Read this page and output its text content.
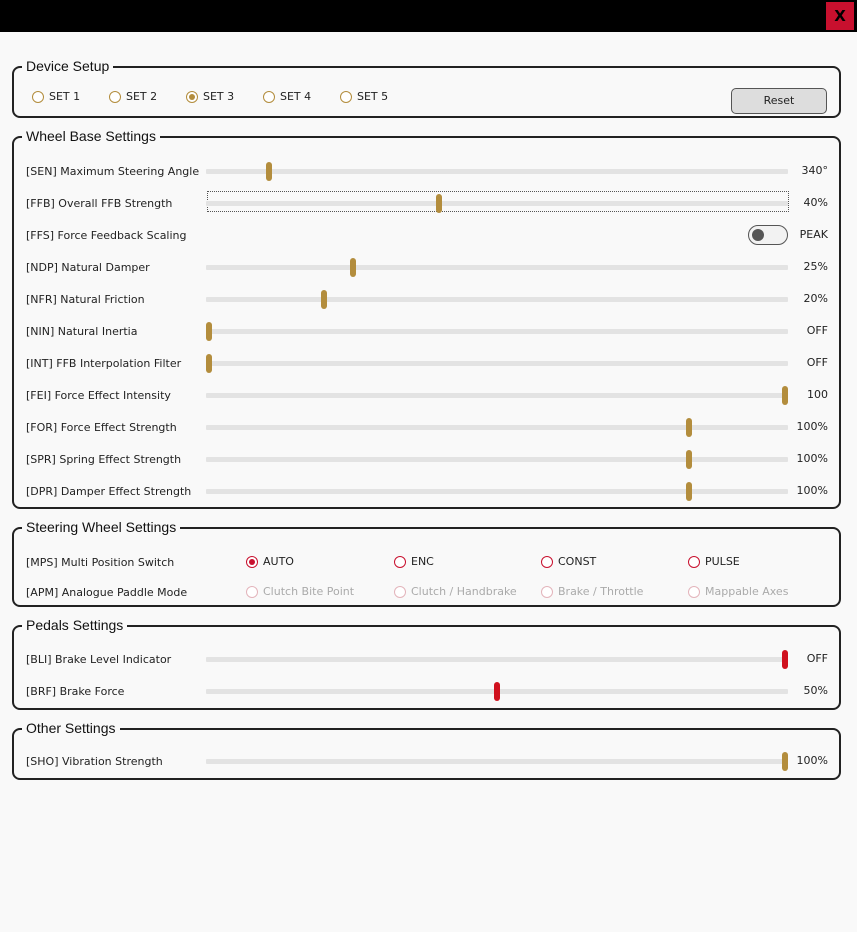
X
Device Setup
SET 1	SET 2	SET 3	SET 4	SET 5	Reset
Wheel Base Settings
[SEN] Maximum Steering Angle	340°
[FFB] Overall FFB Strength	40%
[FFS] Force Feedback Scaling	PEAK
[NDP] Natural Damper	25%
[NFR] Natural Friction	20%
[NIN] Natural Inertia	OFF
[INT] FFB Interpolation Filter	OFF
[FEI] Force Effect Intensity	100
[FOR] Force Effect Strength	100%
[SPR] Spring Effect Strength	100%
[DPR] Damper Effect Strength	100%
Steering Wheel Settings
[MPS] Multi Position Switch	AUTO	ENC	CONST	PULSE
[APM] Analogue Paddle Mode	Clutch Bite Point	Clutch / Handbrake	Brake / Throttle	Mappable Axes
Pedals Settings
[BLI] Brake Level Indicator	OFF
[BRF] Brake Force	50%
Other Settings
[SHO] Vibration Strength	100%
